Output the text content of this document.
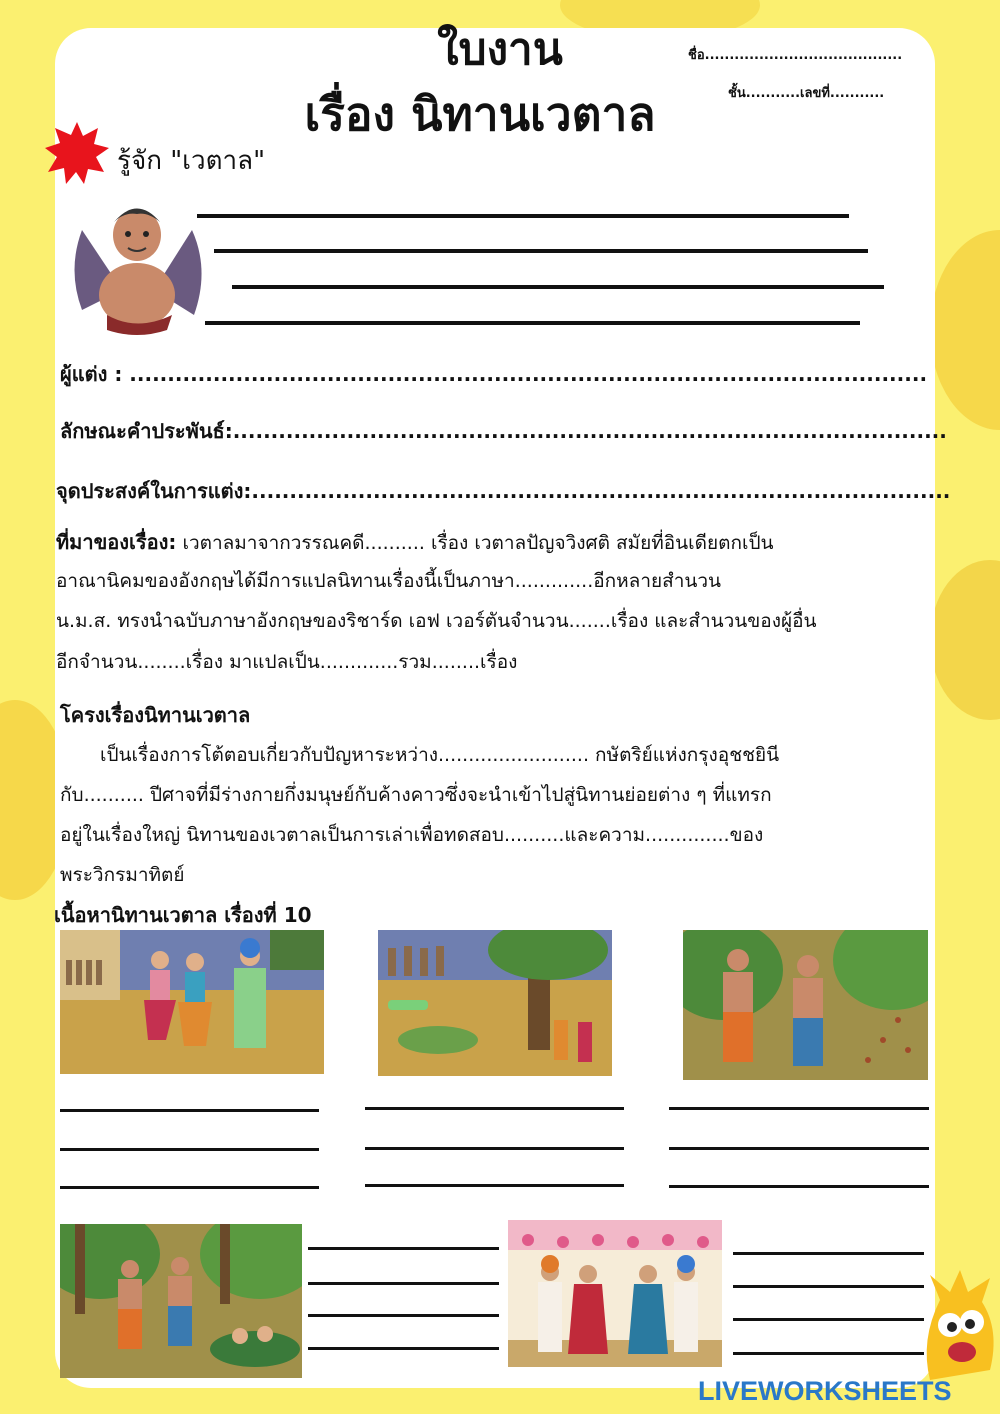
ใบงาน
เรื่อง นิทานเวตาล
ชื่อ........................................
ชั้น...........เลขที่...........
รู้จัก "เวตาล"
ผู้แต่ง : .........................................................................................................
ลักษณะคำประพันธ์:..............................................................................................
จุดประสงค์ในการแต่ง:............................................................................................
ที่มาของเรื่อง: เวตาลมาจากวรรณคดี.......... เรื่อง เวตาลปัญจวิงศติ สมัยที่อินเดียตกเป็น
อาณานิคมของอังกฤษได้มีการแปลนิทานเรื่องนี้เป็นภาษา.............อีกหลายสำนวน
น.ม.ส. ทรงนำฉบับภาษาอังกฤษของริชาร์ด เอฟ เวอร์ตันจำนวน.......เรื่อง และสำนวนของผู้อื่น
อีกจำนวน........เรื่อง มาแปลเป็น.............รวม........เรื่อง
โครงเรื่องนิทานเวตาล
เป็นเรื่องการโต้ตอบเกี่ยวกับปัญหาระหว่าง......................... กษัตริย์แห่งกรุงอุชชยินี
กับ.......... ปีศาจที่มีร่างกายกึ่งมนุษย์กับค้างคาวซึ่งจะนำเข้าไปสู่นิทานย่อยต่าง ๆ ที่แทรก
อยู่ในเรื่องใหญ่ นิทานของเวตาลเป็นการเล่าเพื่อทดสอบ..........และความ..............ของ
พระวิกรมาทิตย์
เนื้อหานิทานเวตาล เรื่องที่ 10
LIVEWORKSHEETS
